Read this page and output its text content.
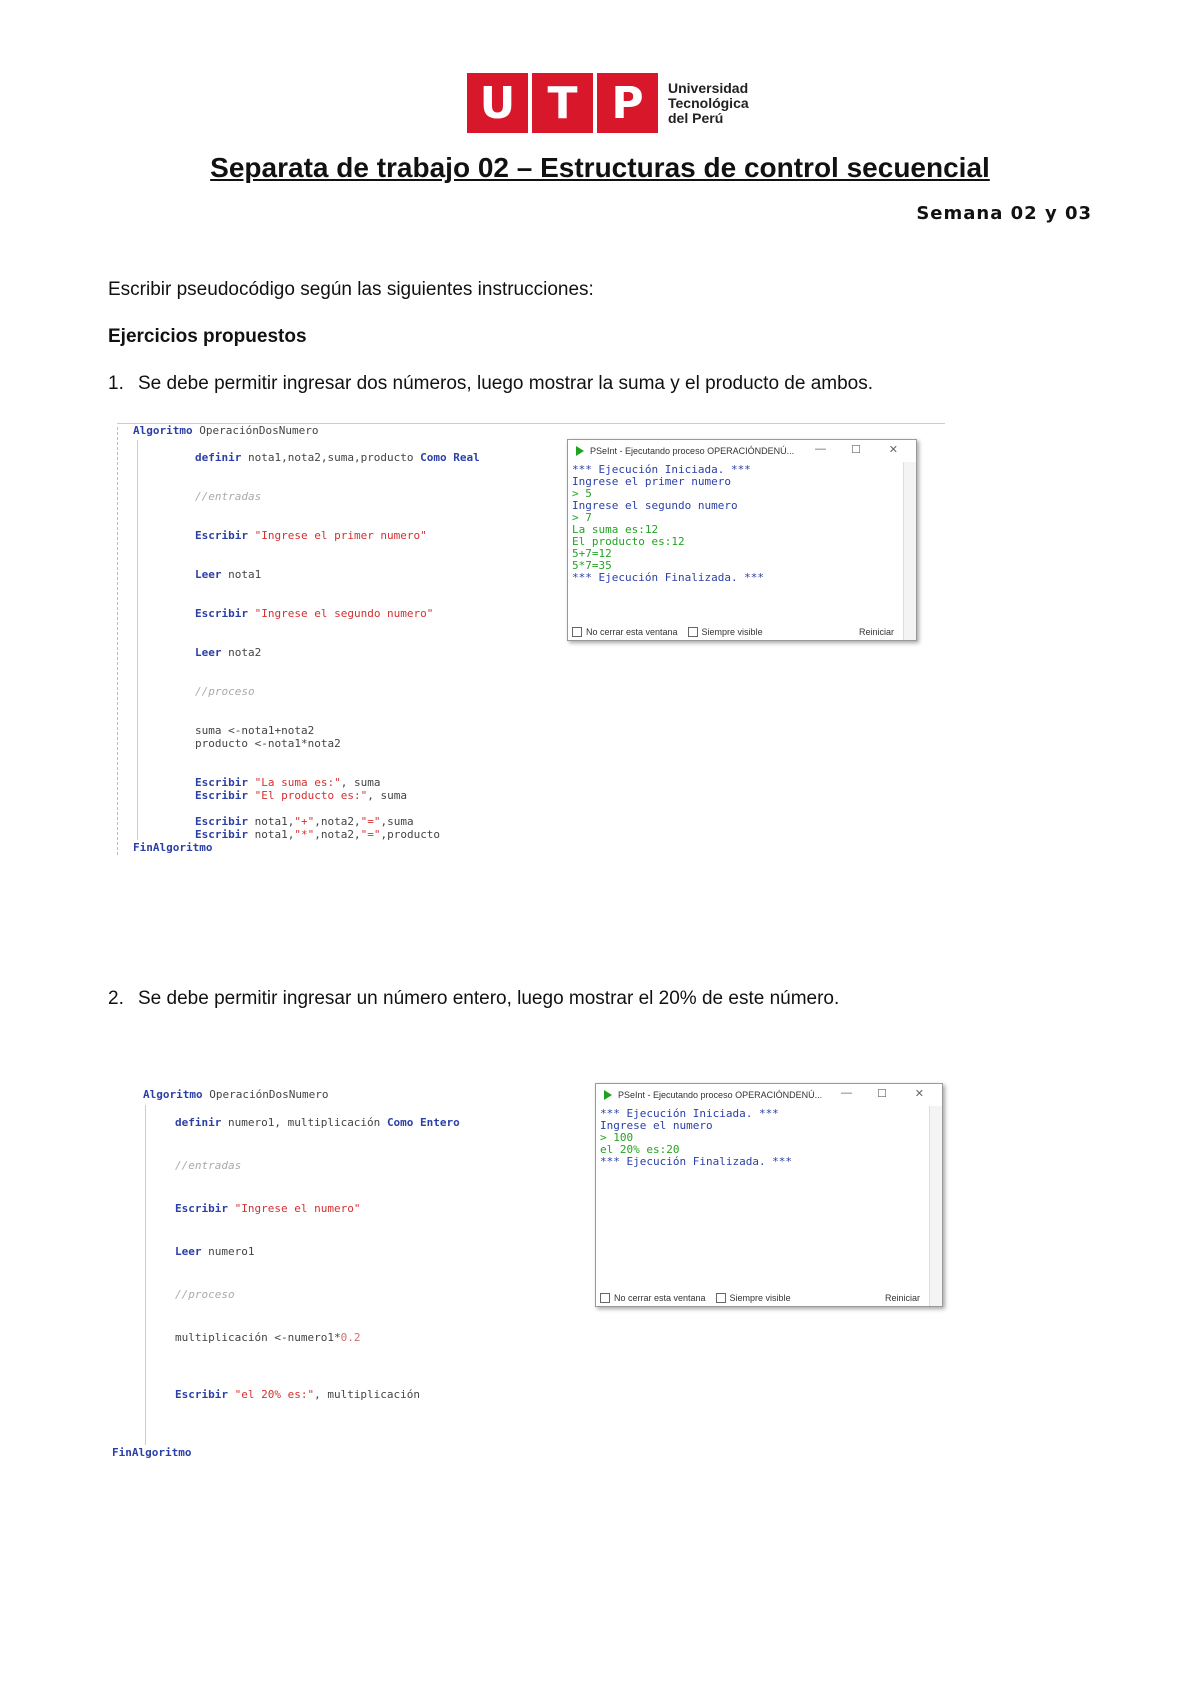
U T P	Universidad
Tecnológica
del Perú
Separata de trabajo 02 – Estructuras de control secuencial
Semana 02 y 03
Escribir pseudocódigo según las siguientes instrucciones:
Ejercicios propuestos
1. Se debe permitir ingresar dos números, luego mostrar la suma y el producto de ambos.
Algoritmo OperaciónDosNumero
definir nota1,nota2,suma,producto Como Real
//entradas
Escribir "Ingrese el primer numero"
Leer nota1
Escribir "Ingrese el segundo numero"
Leer nota2
//proceso
suma <-nota1+nota2
producto <-nota1*nota2
Escribir "La suma es:", suma
Escribir "El producto es:", suma
Escribir nota1,"+",nota2,"=",suma
Escribir nota1,"*",nota2,"=",producto
FinAlgoritmo
PSeInt - Ejecutando proceso OPERACIÓNDENÚ... — ☐	✕
*** Ejecución Iniciada. ***
Ingrese el primer numero
> 5
Ingrese el segundo numero
> 7
La suma es:12
El producto es:12
5+7=12
5*7=35
*** Ejecución Finalizada. ***
No cerrar esta ventana	Siempre visible	Reiniciar
2. Se debe permitir ingresar un número entero, luego mostrar el 20% de este número.
Algoritmo OperaciónDosNumero
definir numero1, multiplicación Como Entero
//entradas
Escribir "Ingrese el numero"
Leer numero1
//proceso
multiplicación <-numero1*0.2
Escribir "el 20% es:", multiplicación
FinAlgoritmo
PSeInt - Ejecutando proceso OPERACIÓNDENÚ... — ☐	✕
*** Ejecución Iniciada. ***
Ingrese el numero
> 100
el 20% es:20
*** Ejecución Finalizada. ***
No cerrar esta ventana	Siempre visible	Reiniciar
